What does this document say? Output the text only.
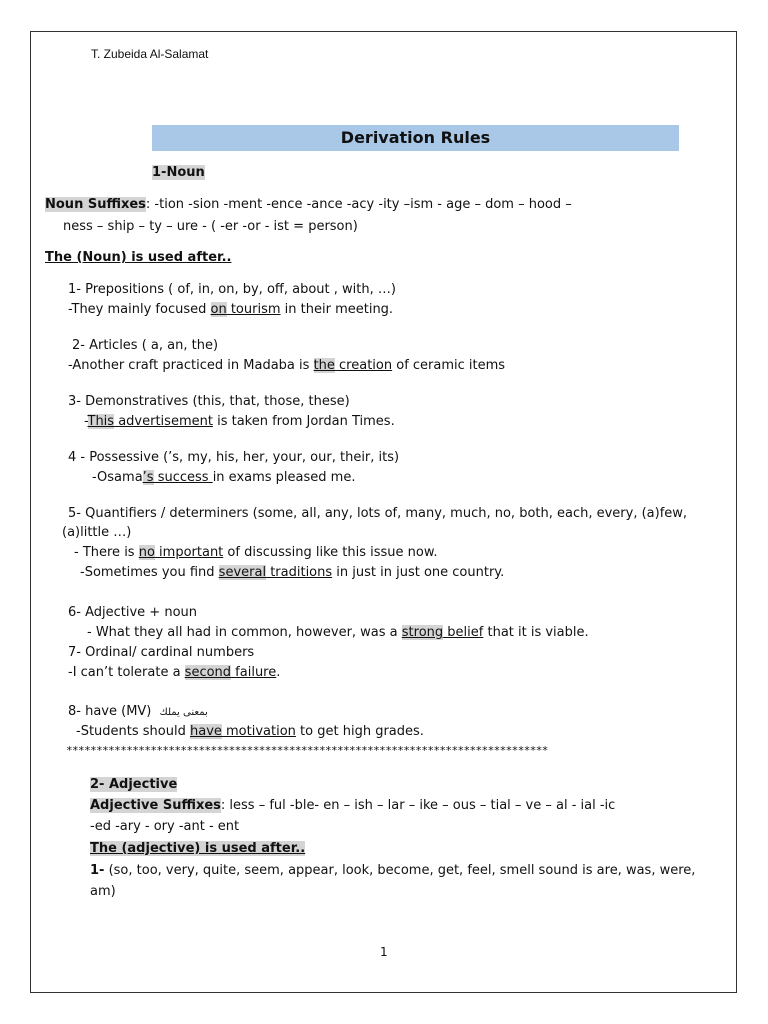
T. Zubeida Al-Salamat
Derivation Rules
1-Noun
Noun Suffixes: -tion -sion -ment -ence -ance -acy -ity –ism - age – dom – hood –
ness – ship – ty – ure - ( -er -or - ist = person)
The (Noun) is used after..
1- Prepositions ( of, in, on, by, off, about , with, …)
-They mainly focused on tourism in their meeting.
2- Articles ( a, an, the)
-Another craft practiced in Madaba is the creation of ceramic items
3- Demonstratives (this, that, those, these)
-This advertisement is taken from Jordan Times.
4 - Possessive (’s, my, his, her, your, our, their, its)
-Osama’s success in exams pleased me.
5- Quantifiers / determiners (some, all, any, lots of, many, much, no, both, each, every, (a)few,
(a)little …)
- There is no important of discussing like this issue now.
-Sometimes you find several traditions in just in just one country.
6- Adjective + noun
- What they all had in common, however, was a strong belief that it is viable.
7- Ordinal/ cardinal numbers
-I can’t tolerate a second failure.
8- have (MV) بمعنى يملك
-Students should have motivation to get high grades.
********************************************************************************
2- Adjective
Adjective Suffixes: less – ful -ble- en – ish – lar – ike – ous – tial – ve – al - ial -ic
-ed -ary - ory -ant - ent
The (adjective) is used after..
1- (so, too, very, quite, seem, appear, look, become, get, feel, smell sound is are, was, were,
am)
1
